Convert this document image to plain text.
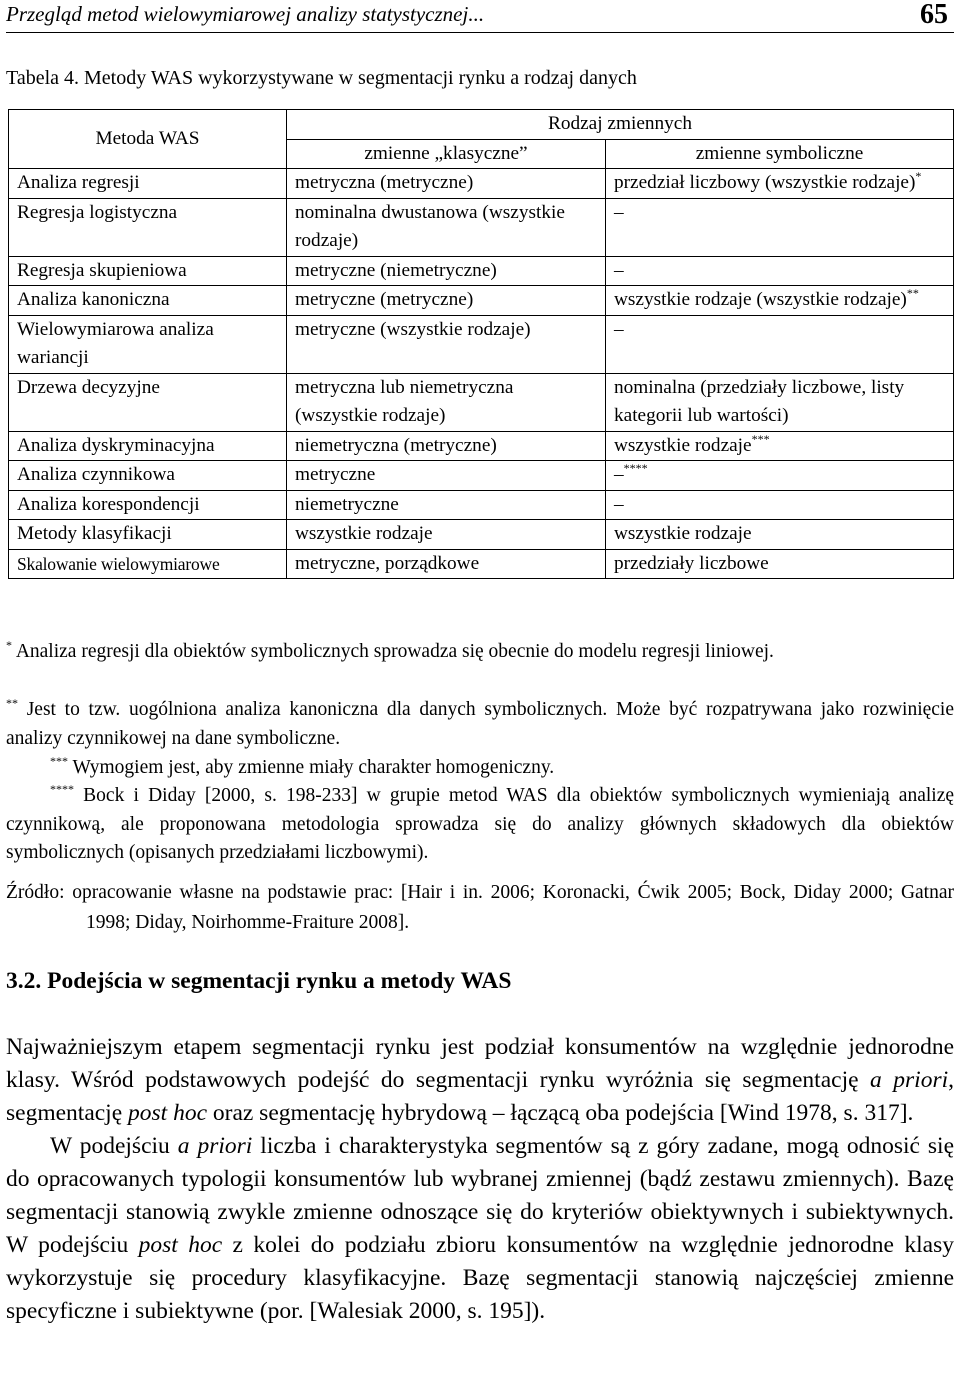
Przegląd metod wielowymiarowej analizy statystycznej...	65
Tabela 4. Metody WAS wykorzystywane w segmentacji rynku a rodzaj danych
Metoda WAS	Rodzaj zmiennych	
	zmienne „klasyczne”	zmienne symboliczne
Analiza regresji	metryczna (metryczne)	przedział liczbowy (wszystkie rodzaje)*
Regresja logistyczna	nominalna dwustanowa (wszystkie rodzaje)	–
Regresja skupieniowa	metryczne (niemetryczne)	–
Analiza kanoniczna	metryczne (metryczne)	wszystkie rodzaje (wszystkie rodzaje)**
Wielowymiarowa analiza wariancji	metryczne (wszystkie rodzaje)	–
Drzewa decyzyjne	metryczna lub niemetryczna (wszystkie rodzaje)	nominalna (przedziały liczbowe, listy kategorii lub wartości)
Analiza dyskryminacyjna	niemetryczna (metryczne)	wszystkie rodzaje***
Analiza czynnikowa	metryczne	–****
Analiza korespondencji	niemetryczne	–
Metody klasyfikacji	wszystkie rodzaje	wszystkie rodzaje
Skalowanie wielowymiarowe	metryczne, porządkowe	przedziały liczbowe
* Analiza regresji dla obiektów symbolicznych sprowadza się obecnie do modelu regresji liniowej.
** Jest to tzw. uogólniona analiza kanoniczna dla danych symbolicznych. Może być rozpatrywana jako rozwinięcie analizy czynnikowej na dane symboliczne.
*** Wymogiem jest, aby zmienne miały charakter homogeniczny.
**** Bock i Diday [2000, s. 198-233] w grupie metod WAS dla obiektów symbolicznych wymieniają analizę czynnikową, ale proponowana metodologia sprowadza się do analizy głównych składowych dla obiektów symbolicznych (opisanych przedziałami liczbowymi).
Źródło: opracowanie własne na podstawie prac: [Hair i in. 2006; Koronacki, Ćwik 2005; Bock, Diday 2000; Gatnar 1998; Diday, Noirhomme-Fraiture 2008].
3.2. Podejścia w segmentacji rynku a metody WAS

Najważniejszym etapem segmentacji rynku jest podział konsumentów na względnie jednorodne klasy. Wśród podstawowych podejść do segmentacji rynku wyróżnia się segmentację a priori, segmentację post hoc oraz segmentację hybrydową – łączącą oba podejścia [Wind 1978, s. 317].

W podejściu a priori liczba i charakterystyka segmentów są z góry zadane, mogą odnosić się do opracowanych typologii konsumentów lub wybranej zmiennej (bądź zestawu zmiennych). Bazę segmentacji stanowią zwykle zmienne odnoszące się do kryteriów obiektywnych i subiektywnych. W podejściu post hoc z kolei do podziału zbioru konsumentów na względnie jednorodne klasy wykorzystuje się procedury klasyfikacyjne. Bazę segmentacji stanowią najczęściej zmienne specyficzne i subiektywne (por. [Walesiak 2000, s. 195]).
